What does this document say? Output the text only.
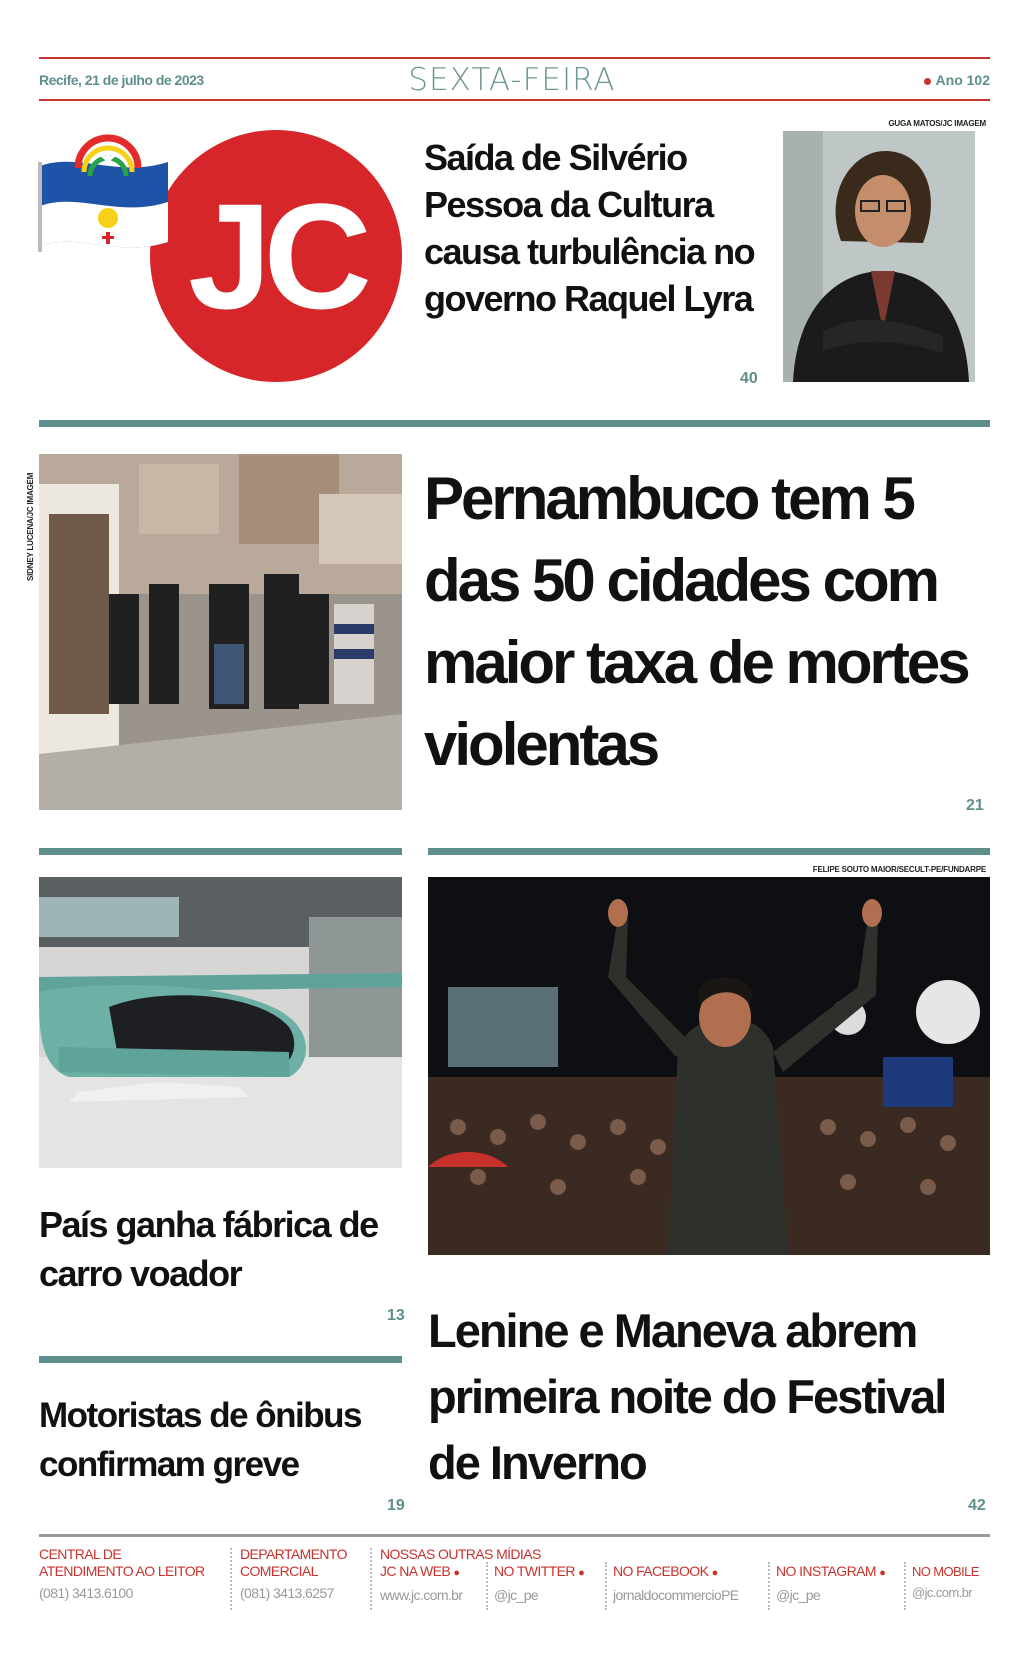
Recife, 21 de julho de 2023	SEXTA-FEIRA	Ano 102
JC
Saída de Silvério Pessoa da Cultura causa turbulência no governo Raquel Lyra
40
GUGA MATOS/JC IMAGEM
SIDNEY LUCENA/JC IMAGEM	Pernambuco tem 5 das 50 cidades com maior taxa de mortes violentas
21
País ganha fábrica de carro voador
13
Motoristas de ônibus confirmam greve
19
FELIPE SOUTO MAIOR/SECULT-PE/FUNDARPE
Lenine e Maneva abrem primeira noite do Festival de Inverno
42
CENTRAL DE
ATENDIMENTO AO LEITOR
(081) 3413.6100
DEPARTAMENTO
COMERCIAL
(081) 3413.6257
NOSSAS OUTRAS MÍDIAS
JC NA WEB ●
www.jc.com.br
NO TWITTER ●
@jc_pe
NO FACEBOOK ●
jornaldocommercioPE
NO INSTAGRAM ●
@jc_pe
NO MOBILE
@jc.com.br
